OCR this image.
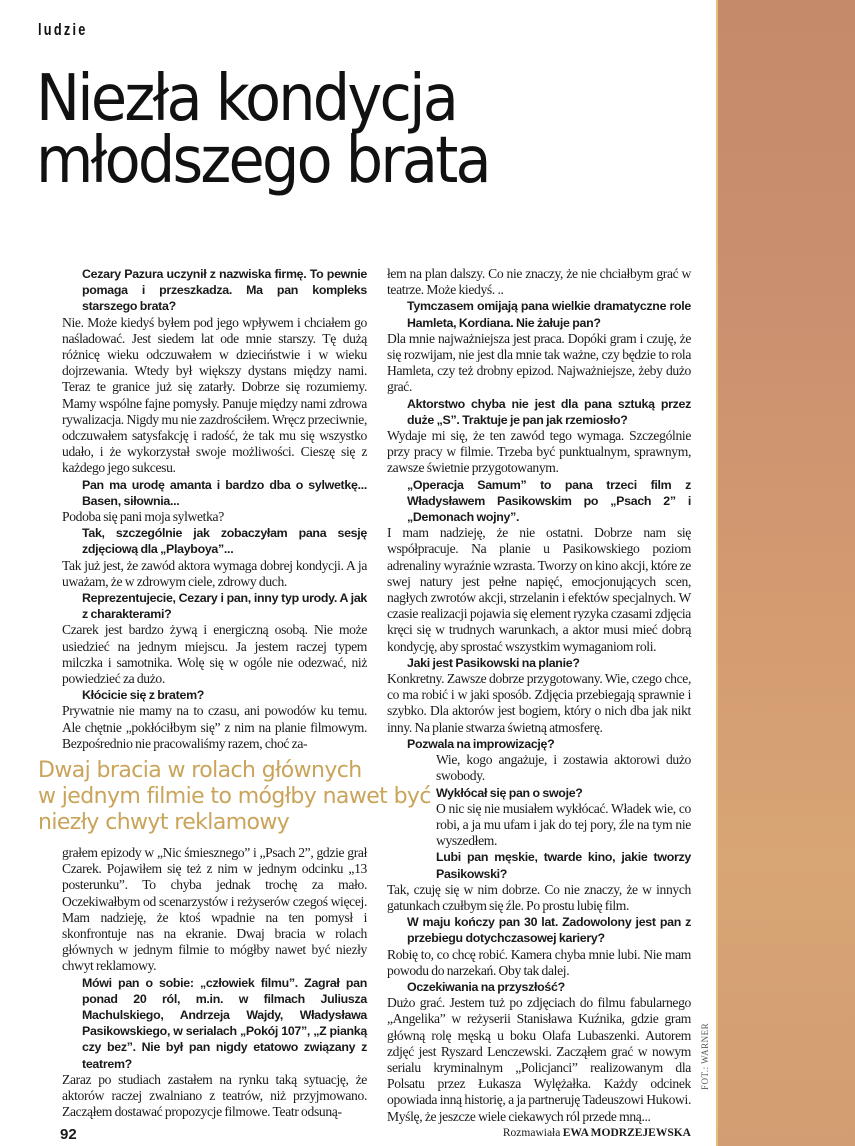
ludzie
Niezła kondycja
młodszego brata

Cezary Pazura uczynił z nazwiska firmę. To pewnie pomaga i przeszkadza. Ma pan kompleks starszego brata?

Nie. Może kiedyś byłem pod jego wpływem i chciałem go naśladować. Jest siedem lat ode mnie starszy. Tę dużą różnicę wieku odczuwałem w dzieciństwie i w wieku dojrzewania. Wtedy był większy dystans między nami. Teraz te granice już się zatarły. Dobrze się rozumiemy. Mamy wspólne fajne pomysły. Panuje między nami zdrowa rywalizacja. Nigdy mu nie zazdrościłem. Wręcz przeciwnie, odczuwałem satysfakcję i radość, że tak mu się wszystko udało, i że wykorzystał swoje możliwości. Cieszę się z każdego jego sukcesu.

Pan ma urodę amanta i bardzo dba o sylwetkę... Basen, siłownia...

Podoba się pani moja sylwetka?

Tak, szczególnie jak zobaczyłam pana sesję zdjęciową dla „Playboya”...

Tak już jest, że zawód aktora wymaga dobrej kondycji. A ja uważam, że w zdrowym ciele, zdrowy duch.

Reprezentujecie, Cezary i pan, inny typ urody. A jak z charakterami?

Czarek jest bardzo żywą i energiczną osobą. Nie może usiedzieć na jednym miejscu. Ja jestem raczej typem milczka i samotnika. Wolę się w ogóle nie odezwać, niż powiedzieć za dużo.

Kłócicie się z bratem?

Prywatnie nie mamy na to czasu, ani powodów ku temu. Ale chętnie „pokłóciłbym się” z nim na planie filmowym. Bezpośrednio nie pracowaliśmy razem, choć za-

Dwaj bracia w rolach głównych
w jednym filmie to mógłby nawet być
niezły chwyt reklamowy

grałem epizody w „Nic śmiesznego” i „Psach 2”, gdzie grał Czarek. Pojawiłem się też z nim w jednym odcinku „13 posterunku”. To chyba jednak trochę za mało. Oczekiwałbym od scenarzystów i reżyserów czegoś więcej. Mam nadzieję, że ktoś wpadnie na ten pomysł i skonfrontuje nas na ekranie. Dwaj bracia w rolach głównych w jednym filmie to mógłby nawet być niezły chwyt reklamowy.

Mówi pan o sobie: „człowiek filmu”. Zagrał pan ponad 20 ról, m.in. w filmach Juliusza Machulskiego, Andrzeja Wajdy, Władysława Pasikowskiego, w serialach „Pokój 107”, „Z pianką czy bez”. Nie był pan nigdy etatowo związany z teatrem?

Zaraz po studiach zastałem na rynku taką sytuację, że aktorów raczej zwalniano z teatrów, niż przyjmowano. Zacząłem dostawać propozycje filmowe. Teatr odsuną-

łem na plan dalszy. Co nie znaczy, że nie chciałbym grać w teatrze. Może kiedyś. ..

Tymczasem omijają pana wielkie dramatyczne role Hamleta, Kordiana. Nie żałuje pan?

Dla mnie najważniejsza jest praca. Dopóki gram i czuję, że się rozwijam, nie jest dla mnie tak ważne, czy będzie to rola Hamleta, czy też drobny epizod. Najważniejsze, żeby dużo grać.

Aktorstwo chyba nie jest dla pana sztuką przez duże „S”. Traktuje je pan jak rzemiosło?

Wydaje mi się, że ten zawód tego wymaga. Szczególnie przy pracy w filmie. Trzeba być punktualnym, sprawnym, zawsze świetnie przygotowanym.

„Operacja Samum” to pana trzeci film z Władysławem Pasikowskim po „Psach 2” i „Demonach wojny”.

I mam nadzieję, że nie ostatni. Dobrze nam się współpracuje. Na planie u Pasikowskiego poziom adrenaliny wyraźnie wzrasta. Tworzy on kino akcji, które ze swej natury jest pełne napięć, emocjonujących scen, nagłych zwrotów akcji, strzelanin i efektów specjalnych. W czasie realizacji pojawia się element ryzyka czasami zdjęcia kręci się w trudnych warunkach, a aktor musi mieć dobrą kondycję, aby sprostać wszystkim wymaganiom roli.

Jaki jest Pasikowski na planie?

Konkretny. Zawsze dobrze przygotowany. Wie, czego chce, co ma robić i w jaki sposób. Zdjęcia przebiegają sprawnie i szybko. Dla aktorów jest bogiem, który o nich dba jak nikt inny. Na planie stwarza świetną atmosferę.

Pozwala na improwizację?

Wie, kogo angażuje, i zostawia aktorowi dużo swobody.

Wykłócał się pan o swoje?

O nic się nie musiałem wykłócać. Władek wie, co robi, a ja mu ufam i jak do tej pory, źle na tym nie wyszedłem.

Lubi pan męskie, twarde kino, jakie tworzy Pasikowski?

Tak, czuję się w nim dobrze. Co nie znaczy, że w innych gatunkach czułbym się źle. Po prostu lubię film.

W maju kończy pan 30 lat. Zadowolony jest pan z przebiegu dotychczasowej kariery?

Robię to, co chcę robić. Kamera chyba mnie lubi. Nie mam powodu do narzekań. Oby tak dalej.

Oczekiwania na przyszłość?

Dużo grać. Jestem tuż po zdjęciach do filmu fabularnego „Angelika” w reżyserii Stanisława Kuźnika, gdzie gram główną rolę męską u boku Olafa Lubaszenki. Autorem zdjęć jest Ryszard Lenczewski. Zacząłem grać w nowym serialu kryminalnym „Policjanci” realizowanym dla Polsatu przez Łukasza Wylężałka. Każdy odcinek opowiada inną historię, a ja partneruję Tadeuszowi Hukowi. Myślę, że jeszcze wiele ciekawych ról przede mną...

Rozmawiała EWA MODRZEJEWSKA

92
FOT.: WARNER
